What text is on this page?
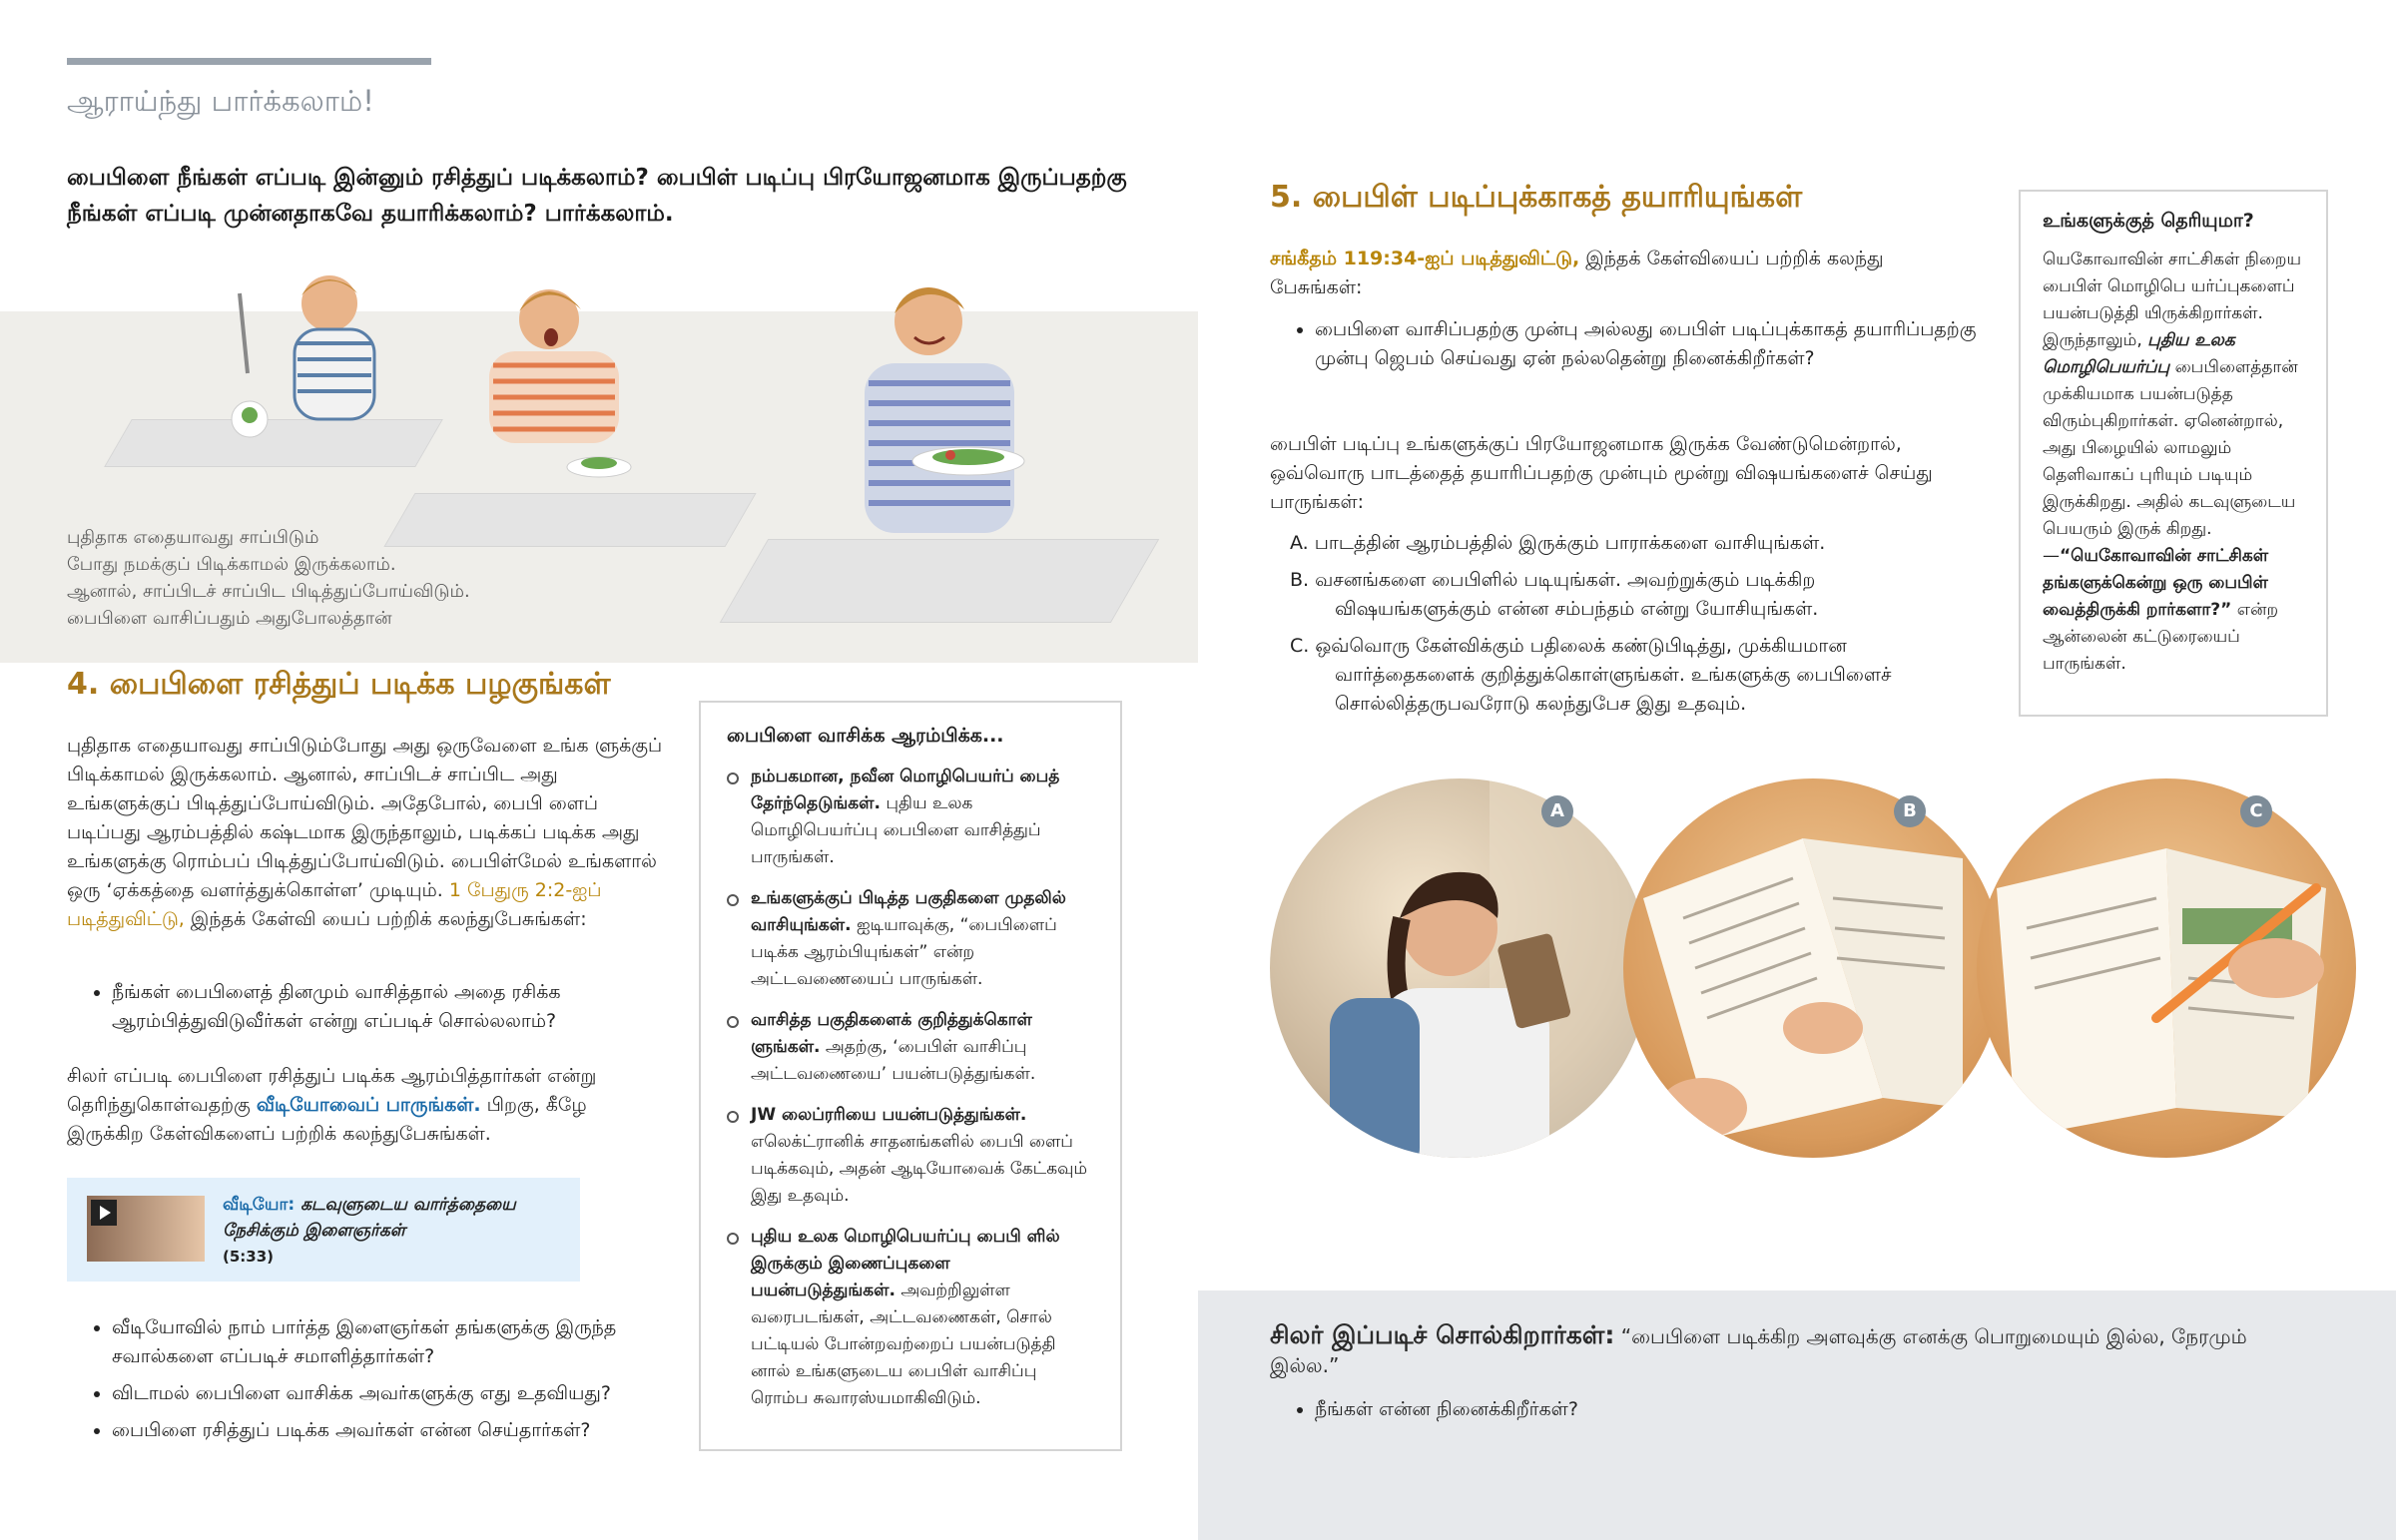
ஆராய்ந்து பார்க்கலாம்!
பைபிளை நீங்கள் எப்படி இன்னும் ரசித்துப் படிக்கலாம்? பைபிள் படிப்பு பிரயோஜனமாக இருப்பதற்கு நீங்கள் எப்படி முன்னதாகவே தயாரிக்கலாம்? பார்க்கலாம்.
புதிதாக எதையாவது சாப்பிடும்
போது நமக்குப் பிடிக்காமல் இருக்கலாம்.
ஆனால், சாப்பிடச் சாப்பிட பிடித்துப்போய்விடும்.
பைபிளை வாசிப்பதும் அதுபோலத்தான்
4. பைபிளை ரசித்துப் படிக்க பழகுங்கள்
புதிதாக எதையாவது சாப்பிடும்போது அது ஒருவேளை உங்க ளுக்குப் பிடிக்காமல் இருக்கலாம். ஆனால், சாப்பிடச் சாப்பிட அது உங்களுக்குப் பிடித்துப்போய்விடும். அதேபோல், பைபி ளைப் படிப்பது ஆரம்பத்தில் கஷ்டமாக இருந்தாலும், படிக்கப் படிக்க அது உங்களுக்கு ரொம்பப் பிடித்துப்போய்விடும். பைபிள்மேல் உங்களால் ஒரு ‘ஏக்கத்தை வளர்த்துக்கொள்ள’ முடியும். 1 பேதுரு 2:2-ஐப் படித்துவிட்டு, இந்தக் கேள்வி யைப் பற்றிக் கலந்துபேசுங்கள்:
• நீங்கள் பைபிளைத் தினமும் வாசித்தால் அதை ரசிக்க ஆரம்பித்துவிடுவீர்கள் என்று எப்படிச் சொல்லலாம்?
சிலர் எப்படி பைபிளை ரசித்துப் படிக்க ஆரம்பித்தார்கள் என்று தெரிந்துகொள்வதற்கு வீடியோவைப் பாருங்கள். பிறகு, கீழே இருக்கிற கேள்விகளைப் பற்றிக் கலந்துபேசுங்கள்.
வீடியோ: கடவுளுடைய வார்த்தையை நேசிக்கும் இளைஞர்கள்
(5:33)
• வீடியோவில் நாம் பார்த்த இளைஞர்கள் தங்களுக்கு இருந்த சவால்களை எப்படிச் சமாளித்தார்கள்?
• விடாமல் பைபிளை வாசிக்க அவர்களுக்கு எது உதவியது?
• பைபிளை ரசித்துப் படிக்க அவர்கள் என்ன செய்தார்கள்?
பைபிளை வாசிக்க ஆரம்பிக்க...
நம்பகமான, நவீன மொழிபெயர்ப் பைத் தேர்ந்தெடுங்கள். புதிய உலக மொழிபெயர்ப்பு பைபிளை வாசித்துப் பாருங்கள்.
உங்களுக்குப் பிடித்த பகுதிகளை முதலில் வாசியுங்கள். ஐடியாவுக்கு, “பைபிளைப் படிக்க ஆரம்பியுங்கள்” என்ற அட்டவணையைப் பாருங்கள்.
வாசித்த பகுதிகளைக் குறித்துக்கொள் ளுங்கள். அதற்கு, ‘பைபிள் வாசிப்பு அட்டவணையை’ பயன்படுத்துங்கள்.
JW லைப்ரரியை பயன்படுத்துங்கள். எலெக்ட்ரானிக் சாதனங்களில் பைபி ளைப் படிக்கவும், அதன் ஆடியோவைக் கேட்கவும் இது உதவும்.
புதிய உலக மொழிபெயர்ப்பு பைபி ளில் இருக்கும் இணைப்புகளை பயன்படுத்துங்கள். அவற்றிலுள்ள வரைபடங்கள், அட்டவணைகள், சொல் பட்டியல் போன்றவற்றைப் பயன்படுத்தி னால் உங்களுடைய பைபிள் வாசிப்பு ரொம்ப சுவாரஸ்யமாகிவிடும்.
5. பைபிள் படிப்புக்காகத் தயாரியுங்கள்
சங்கீதம் 119:34-ஐப் படித்துவிட்டு, இந்தக் கேள்வியைப் பற்றிக் கலந்து பேசுங்கள்:
• பைபிளை வாசிப்பதற்கு முன்பு அல்லது பைபிள் படிப்புக்காகத் தயாரிப்பதற்கு முன்பு ஜெபம் செய்வது ஏன் நல்லதென்று நினைக்கிறீர்கள்?
பைபிள் படிப்பு உங்களுக்குப் பிரயோஜனமாக இருக்க வேண்டுமென்றால், ஒவ்வொரு பாடத்தைத் தயாரிப்பதற்கு முன்பும் மூன்று விஷயங்களைச் செய்து பாருங்கள்:
A. பாடத்தின் ஆரம்பத்தில் இருக்கும் பாராக்களை வாசியுங்கள்.
B. வசனங்களை பைபிளில் படியுங்கள். அவற்றுக்கும் படிக்கிற விஷயங்களுக்கும் என்ன சம்பந்தம் என்று யோசியுங்கள்.
C. ஒவ்வொரு கேள்விக்கும் பதிலைக் கண்டுபிடித்து, முக்கியமான வார்த்தைகளைக் குறித்துக்கொள்ளுங்கள். உங்களுக்கு பைபிளைச் சொல்லித்தருபவரோடு கலந்துபேச இது உதவும்.
உங்களுக்குத் தெரியுமா?

யெகோவாவின் சாட்சிகள் நிறைய பைபிள் மொழிபெ யர்ப்புகளைப் பயன்படுத்தி யிருக்கிறார்கள். இருந்தாலும், புதிய உலக மொழிபெயர்ப்பு பைபிளைத்தான் முக்கியமாக பயன்படுத்த விரும்புகிறார்கள். ஏனென்றால், அது பிழையில் லாமலும் தெளிவாகப் புரியும் படியும் இருக்கிறது. அதில் கடவுளுடைய பெயரும் இருக் கிறது.—“யெகோவாவின் சாட்சிகள் தங்களுக்கென்று ஒரு பைபிள் வைத்திருக்கி றார்களா?” என்ற ஆன்லைன் கட்டுரையைப் பாருங்கள்.

A	B	C
சிலர் இப்படிச் சொல்கிறார்கள்: “பைபிளை படிக்கிற அளவுக்கு எனக்கு பொறுமையும் இல்ல, நேரமும் இல்ல.”
• நீங்கள் என்ன நினைக்கிறீர்கள்?
